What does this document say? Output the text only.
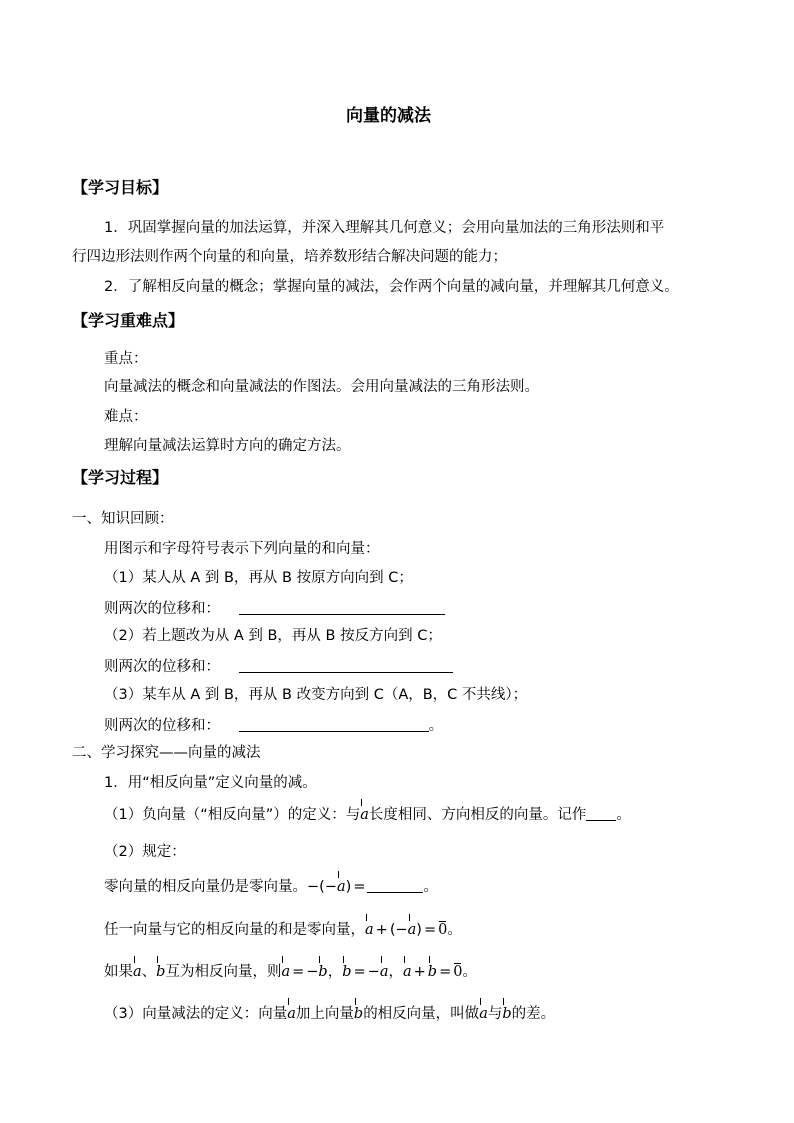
向量的减法
【学习目标】
1．巩固掌握向量的加法运算，并深入理解其几何意义；会用向量加法的三角形法则和平
行四边形法则作两个向量的和向量，培养数形结合解决问题的能力；
2．了解相反向量的概念；掌握向量的减法，会作两个向量的减向量，并理解其几何意义。
【学习重难点】
重点：
向量减法的概念和向量减法的作图法。会用向量减法的三角形法则。
难点：
理解向量减法运算时方向的确定方法。
【学习过程】
一、知识回顾：
用图示和字母符号表示下列向量的和向量：
（1）某人从 A 到 B，再从 B 按原方向向到 C；
则两次的位移和：
（2）若上题改为从 A 到 B，再从 B 按反方向到 C；
则两次的位移和：
（3）某车从 A 到 B，再从 B 改变方向到 C（A，B，C 不共线）；
则两次的位移和：	。
二、学习探究——向量的减法
1．用“相反向量”定义向量的减。
（1）负向量（“相反向量”）的定义：与a长度相同、方向相反的向量。记作 。
（2）规定：
零向量的相反向量仍是零向量。−(−a) =	。
任一向量与它的相反向量的和是零向量，a + (−a) = 0。
如果a、b互为相反向量，则a = −b，b = −a，a + b = 0。
（3）向量减法的定义：向量a加上向量b的相反向量，叫做a与b的差。
